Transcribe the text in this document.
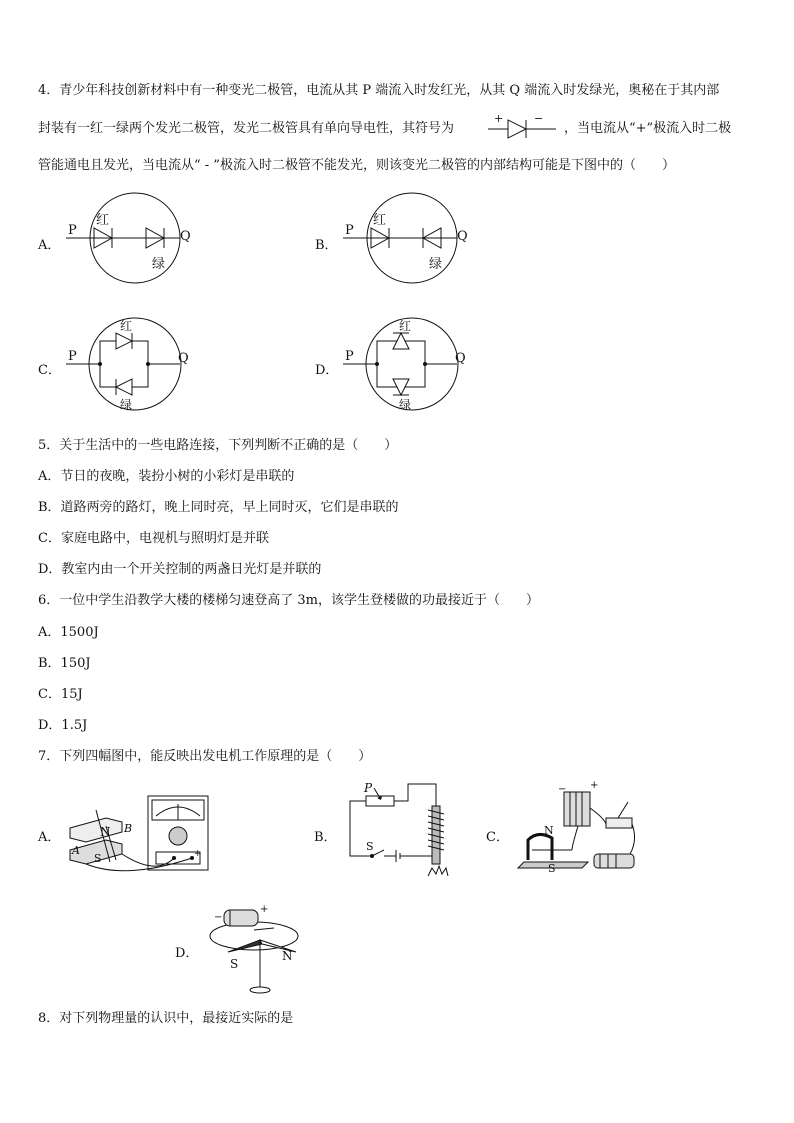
4．青少年科技创新材料中有一种变光二极管，电流从其 P 端流入时发红光，从其 Q 端流入时发绿光，奥秘在于其内部
封装有一红一绿两个发光二极管，发光二极管具有单向导电性，其符号为
+	−
，当电流从“+”极流入时二极
管能通电且发光，当电流从“ - ”极流入时二极管不能发光，则该变光二极管的内部结构可能是下图中的（　　）
A．
P	Q
红
绿
B．
P	Q
红
绿
C．
P	Q
红
绿
D．
P	Q
红
绿
5．关于生活中的一些电路连接，下列判断不正确的是（　　）
A．节日的夜晚，装扮小树的小彩灯是串联的
B．道路两旁的路灯，晚上同时亮，早上同时灭，它们是串联的
C．家庭电路中，电视机与照明灯是并联
D．教室内由一个开关控制的两盏日光灯是并联的
6．一位中学生沿教学大楼的楼梯匀速登高了 3m，该学生登楼做的功最接近于（　　）
A．1500J
B．150J
C．15J
D．1.5J
7．下列四幅图中，能反映出发电机工作原理的是（　　）
A．	N
A
B
S	+
B．
P
S
C．
+
−
N
S
D．
+
−
S
N
8．对下列物理量的认识中，最接近实际的是
